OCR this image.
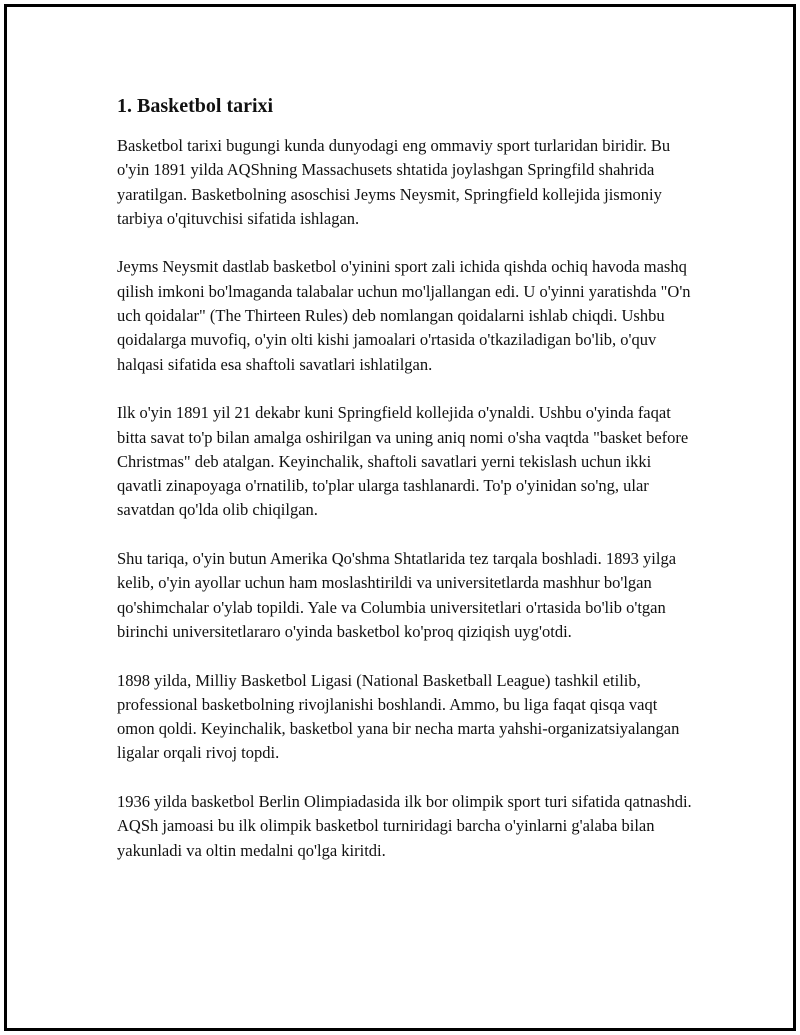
1. Basketbol tarixi

Basketbol tarixi bugungi kunda dunyodagi eng ommaviy sport turlaridan biridir. Bu o'yin 1891 yilda AQShning Massachusets shtatida joylashgan Springfild shahrida yaratilgan. Basketbolning asoschisi Jeyms Neysmit, Springfield kollejida jismoniy tarbiya o'qituvchisi sifatida ishlagan.

Jeyms Neysmit dastlab basketbol o'yinini sport zali ichida qishda ochiq havoda mashq qilish imkoni bo'lmaganda talabalar uchun mo'ljallangan edi. U o'yinni yaratishda "O'n uch qoidalar" (The Thirteen Rules) deb nomlangan qoidalarni ishlab chiqdi. Ushbu qoidalarga muvofiq, o'yin olti kishi jamoalari o'rtasida o'tkaziladigan bo'lib, o'quv halqasi sifatida esa shaftoli savatlari ishlatilgan.

Ilk o'yin 1891 yil 21 dekabr kuni Springfield kollejida o'ynaldi. Ushbu o'yinda faqat bitta savat to'p bilan amalga oshirilgan va uning aniq nomi o'sha vaqtda "basket before Christmas" deb atalgan. Keyinchalik, shaftoli savatlari yerni tekislash uchun ikki qavatli zinapoyaga o'rnatilib, to'plar ularga tashlanardi. To'p o'yinidan so'ng, ular savatdan qo'lda olib chiqilgan.

Shu tariqa, o'yin butun Amerika Qo'shma Shtatlarida tez tarqala boshladi. 1893 yilga kelib, o'yin ayollar uchun ham moslashtirildi va universitetlarda mashhur bo'lgan qo'shimchalar o'ylab topildi. Yale va Columbia universitetlari o'rtasida bo'lib o'tgan birinchi universitetlararo o'yinda basketbol ko'proq qiziqish uyg'otdi.

1898 yilda, Milliy Basketbol Ligasi (National Basketball League) tashkil etilib, professional basketbolning rivojlanishi boshlandi. Ammo, bu liga faqat qisqa vaqt omon qoldi. Keyinchalik, basketbol yana bir necha marta yahshi-organizatsiyalangan ligalar orqali rivoj topdi.

1936 yilda basketbol Berlin Olimpiadasida ilk bor olimpik sport turi sifatida qatnashdi. AQSh jamoasi bu ilk olimpik basketbol turniridagi barcha o'yinlarni g'alaba bilan yakunladi va oltin medalni qo'lga kiritdi.
